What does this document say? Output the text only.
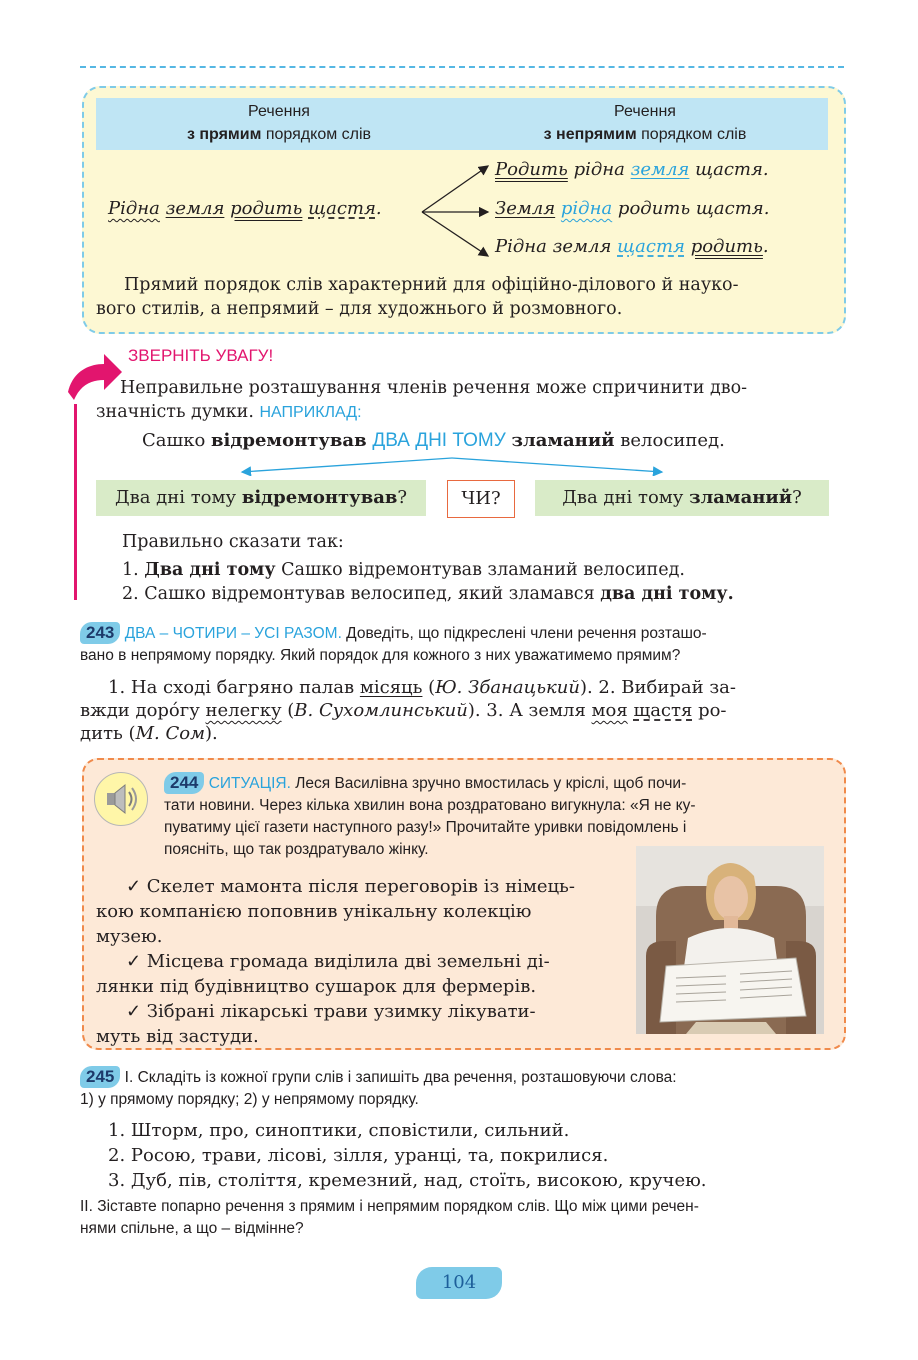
Речення
з прямим порядком слів
Речення
з непрямим порядком слів
Рідна земля родить щастя.
Родить рідна земля щастя.
Земля рідна родить щастя.
Рідна земля щастя родить.
Прямий порядок слів характерний для офіційно-ділового й науко-
вого стилів, а непрямий – для художнього й розмовного.
ЗВЕРНІТЬ УВАГУ!
Неправильне розташування членів речення може спричинити дво-
значність думки. НАПРИКЛАД:
Сашко відремонтував ДВА ДНІ ТОМУ зламаний велосипед.
Два дні тому відремонтував?	ЧИ?	Два дні тому зламаний?
Правильно сказати так:
1. Два дні тому Сашко відремонтував зламаний велосипед.
2. Сашко відремонтував велосипед, який зламався два дні тому.
243 ДВА – ЧОТИРИ – УСІ РАЗОМ. Доведіть, що підкреслені члени речення розташо-
вано в непрямому порядку. Який порядок для кожного з них уважатимемо прямим?
1. На сході багряно палав місяць (Ю. Збанацький). 2. Вибирай за-
вжди доро́гу нелегку (В. Сухомлинський). 3. А земля моя щастя ро-
дить (М. Сом).
244 СИТУАЦІЯ. Леся Василівна зручно вмостилась у кріслі, щоб почи-
тати новини. Через кілька хвилин вона роздратовано вигукнула: «Я не ку-
пуватиму цієї газети наступного разу!» Прочитайте уривки повідомлень і
поясніть, що так роздратувало жінку.
✓ Скелет мамонта після переговорів із німець-
кою компанією поповнив унікальну колекцію
музею.
✓ Місцева громада виділила дві земельні ді-
лянки під будівництво сушарок для фермерів.
✓ Зібрані лікарські трави узимку лікувати-
муть від застуди.
245 І. Складіть із кожної групи слів і запишіть два речення, розташовуючи слова:
1) у прямому порядку; 2) у непрямому порядку.
1. Шторм, про, синоптики, сповістили, сильний.
2. Росою, трави, лісові, зілля, уранці, та, покрилися.
3. Дуб, пів, століття, кремезний, над, стоїть, високою, кручею.
ІІ. Зіставте попарно речення з прямим і непрямим порядком слів. Що між цими речен-
нями спільне, а що – відмінне?
104
